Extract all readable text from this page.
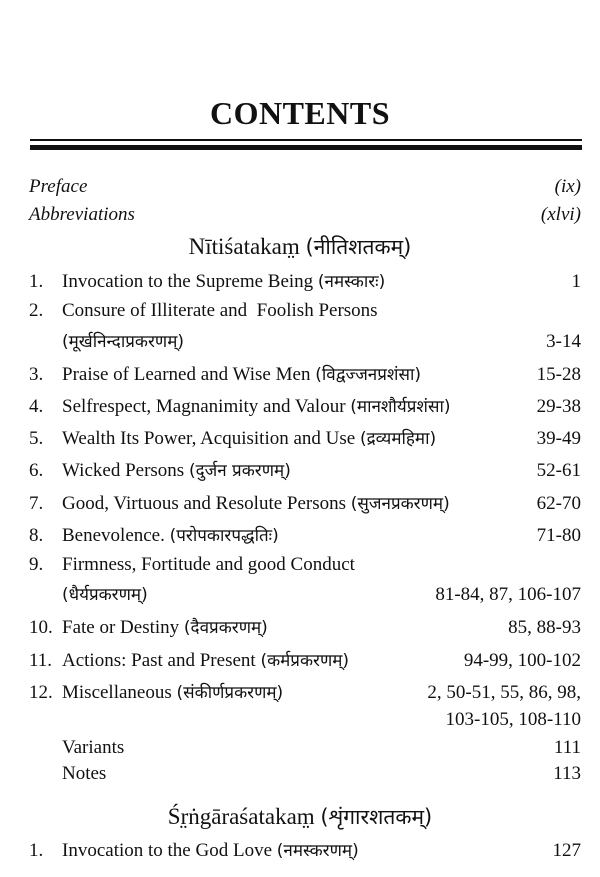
CONTENTS
Preface	(ix)
Abbreviations	(xlvi)
Nītiśatakam̤ (नीतिशतकम्)
1. Invocation to the Supreme Being (नमस्कारः)	1
2. Consure of Illiterate and  Foolish Persons
(मूर्खनिन्दाप्रकरणम्)	3-14
3. Praise of Learned and Wise Men (विद्वज्जनप्रशंसा)	15-28
4. Selfrespect, Magnanimity and Valour (मानशौर्यप्रशंसा)	29-38
5. Wealth Its Power, Acquisition and Use (द्रव्यमहिमा)	39-49
6. Wicked Persons (दुर्जन प्रकरणम्)	52-61
7. Good, Virtuous and Resolute Persons (सुजनप्रकरणम्)	62-70
8. Benevolence. (परोपकारपद्धतिः)	71-80
9. Firmness, Fortitude and good Conduct
(धैर्यप्रकरणम्)	81-84, 87, 106-107
10. Fate or Destiny (दैवप्रकरणम्)	85, 88-93
11. Actions: Past and Present (कर्मप्रकरणम्)	94-99, 100-102
12. Miscellaneous (संकीर्णप्रकरणम्)	2, 50-51, 55, 86, 98,
103-105, 108-110
Variants	111
Notes	113
Śr̤ṅgāraśatakam̤ (शृंगारशतकम्)
1. Invocation to the God Love (नमस्करणम्)	127
